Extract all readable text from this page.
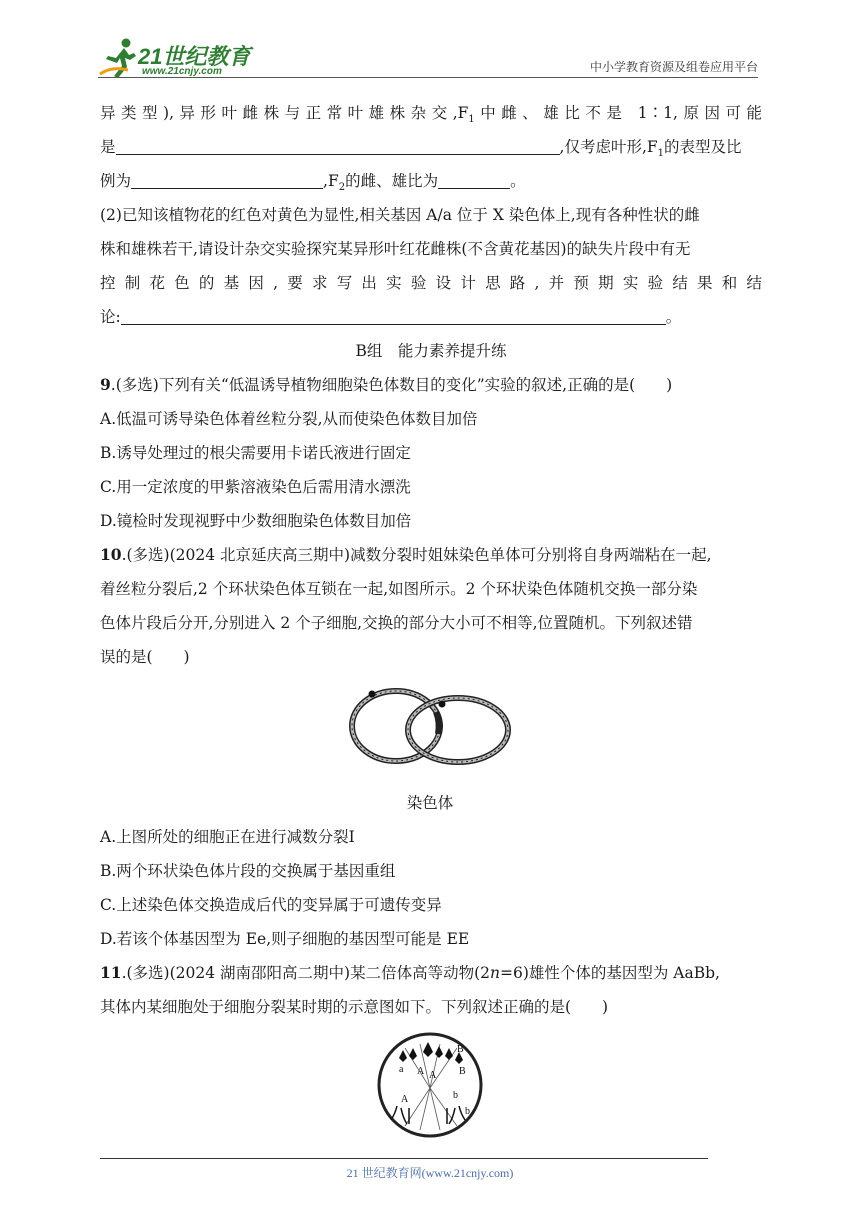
21世纪教育
www.21cnjy.com	中小学教育资源及组卷应用平台
异类型),异形叶雌株与正常叶雄株杂交$,F_1$中雌、雄比不是 1∶1,原因可能
是	,仅考虑叶形$,F_1$的表型及比
例为	$,F_2$的雌、雄比为	。
(2)已知该植物花的红色对黄色为显性,相关基因 A/a 位于 X 染色体上,现有各种性状的雌
株和雄株若干,请设计杂交实验探究某异形叶红花雌株(不含黄花基因)的缺失片段中有无
控制花色的基因,要求写出实验设计思路,并预期实验结果和结
论:	。
B组　能力素养提升练
9.(多选)下列有关“低温诱导植物细胞染色体数目的变化”实验的叙述,正确的是(　　)
A.低温可诱导染色体着丝粒分裂,从而使染色体数目加倍
B.诱导处理过的根尖需要用卡诺氏液进行固定
C.用一定浓度的甲紫溶液染色后需用清水漂洗
D.镜检时发现视野中少数细胞染色体数目加倍
10.(多选)(2024 北京延庆高三期中)减数分裂时姐妹染色单体可分别将自身两端粘在一起,
着丝粒分裂后,2 个环状染色体互锁在一起,如图所示。2 个环状染色体随机交换一部分染
色体片段后分开,分别进入 2 个子细胞,交换的部分大小可不相等,位置随机。下列叙述错
误的是(　　)
染色体
A.上图所处的细胞正在进行减数分裂Ⅰ
B.两个环状染色体片段的交换属于基因重组
C.上述染色体交换造成后代的变异属于可遗传变异
D.若该个体基因型为 Ee,则子细胞的基因型可能是 EE
11.(多选)(2024 湖南邵阳高二期中)某二倍体高等动物(2n=6)雄性个体的基因型为 AaBb,
其体内某细胞处于细胞分裂某时期的示意图如下。下列叙述正确的是(　　)
a A A
B
B
A	b
b
21 世纪教育网(www.21cnjy.com)
